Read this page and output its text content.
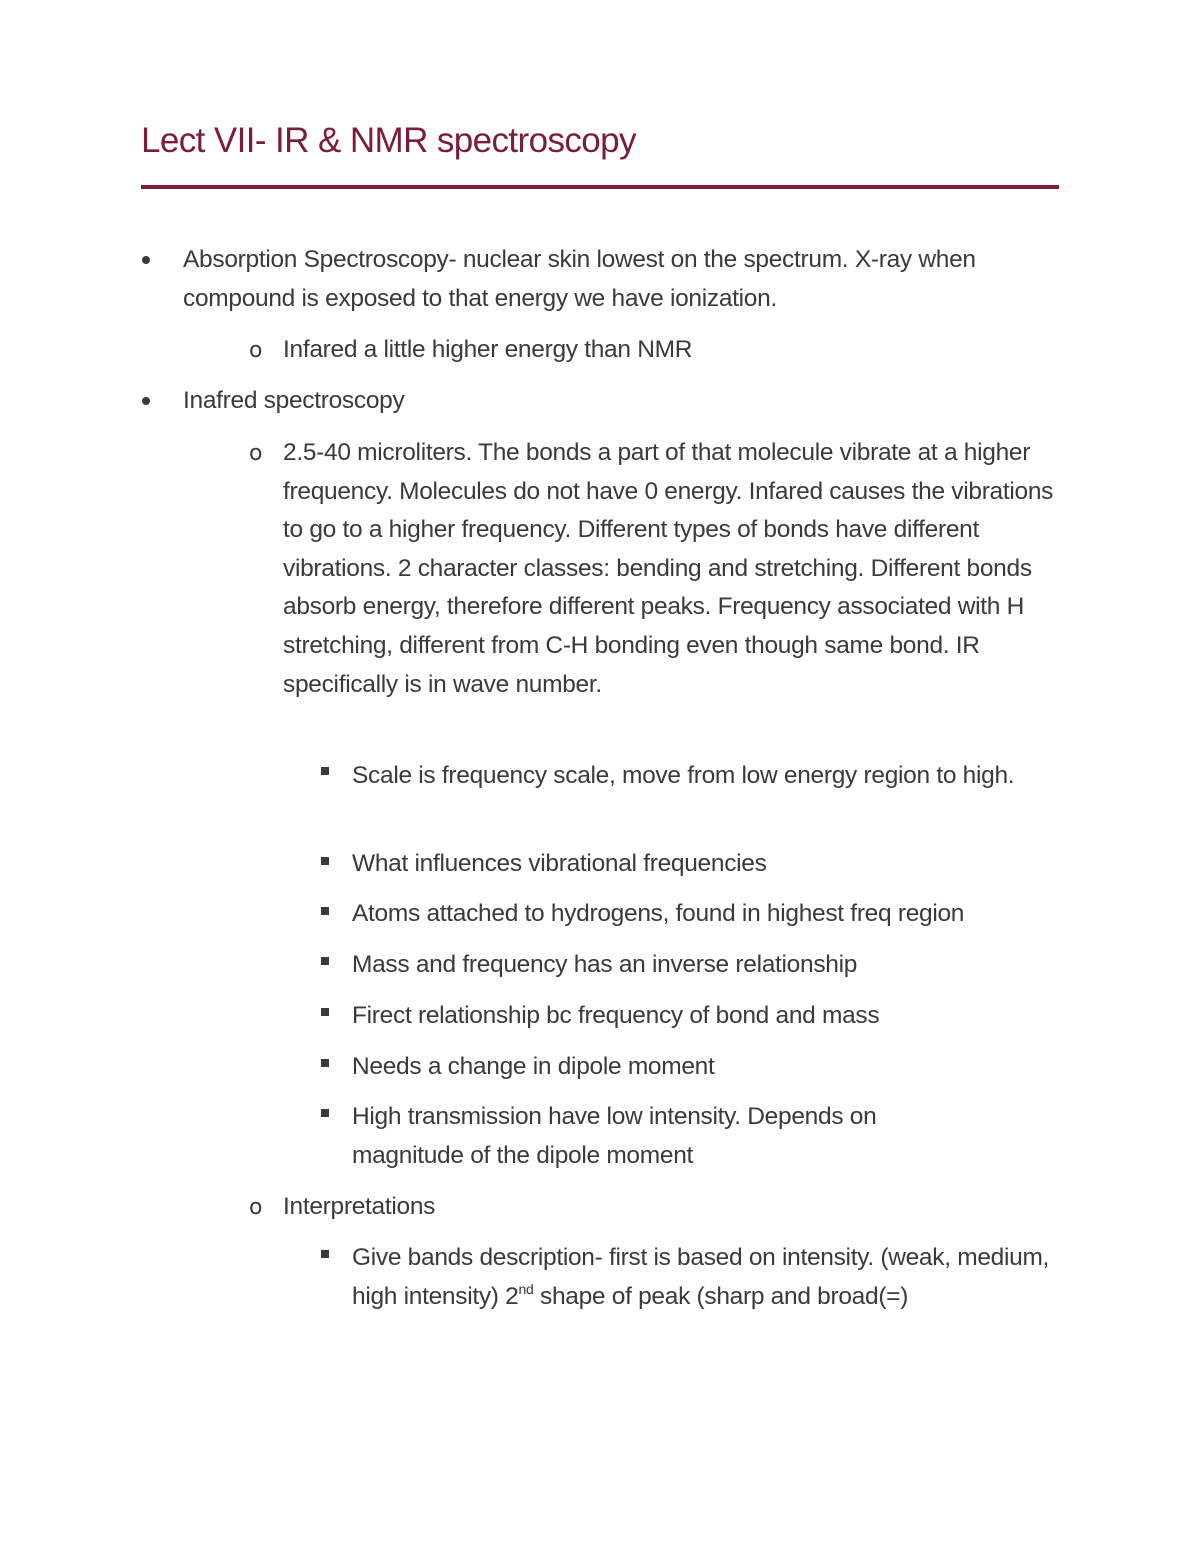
Lect VII- IR & NMR spectroscopy
Absorption Spectroscopy- nuclear skin lowest on the spectrum. X-ray when compound is exposed to that energy we have ionization.
o Infared a little higher energy than NMR
Inafred spectroscopy
o 2.5-40 microliters. The bonds a part of that molecule vibrate at a higher frequency. Molecules do not have 0 energy. Infared causes the vibrations to go to a higher frequency. Different types of bonds have different vibrations. 2 character classes: bending and stretching. Different bonds absorb energy, therefore different peaks. Frequency associated with H stretching, different from C-H bonding even though same bond. IR specifically is in wave number.
Scale is frequency scale, move from low energy region to high.
What influences vibrational frequencies
Atoms attached to hydrogens, found in highest freq region
Mass and frequency has an inverse relationship
Firect relationship bc frequency of bond and mass
Needs a change in dipole moment
High transmission have low intensity. Depends on magnitude of the dipole moment
o Interpretations
Give bands description- first is based on intensity. (weak, medium, high intensity) 2nd shape of peak (sharp and broad(=)
